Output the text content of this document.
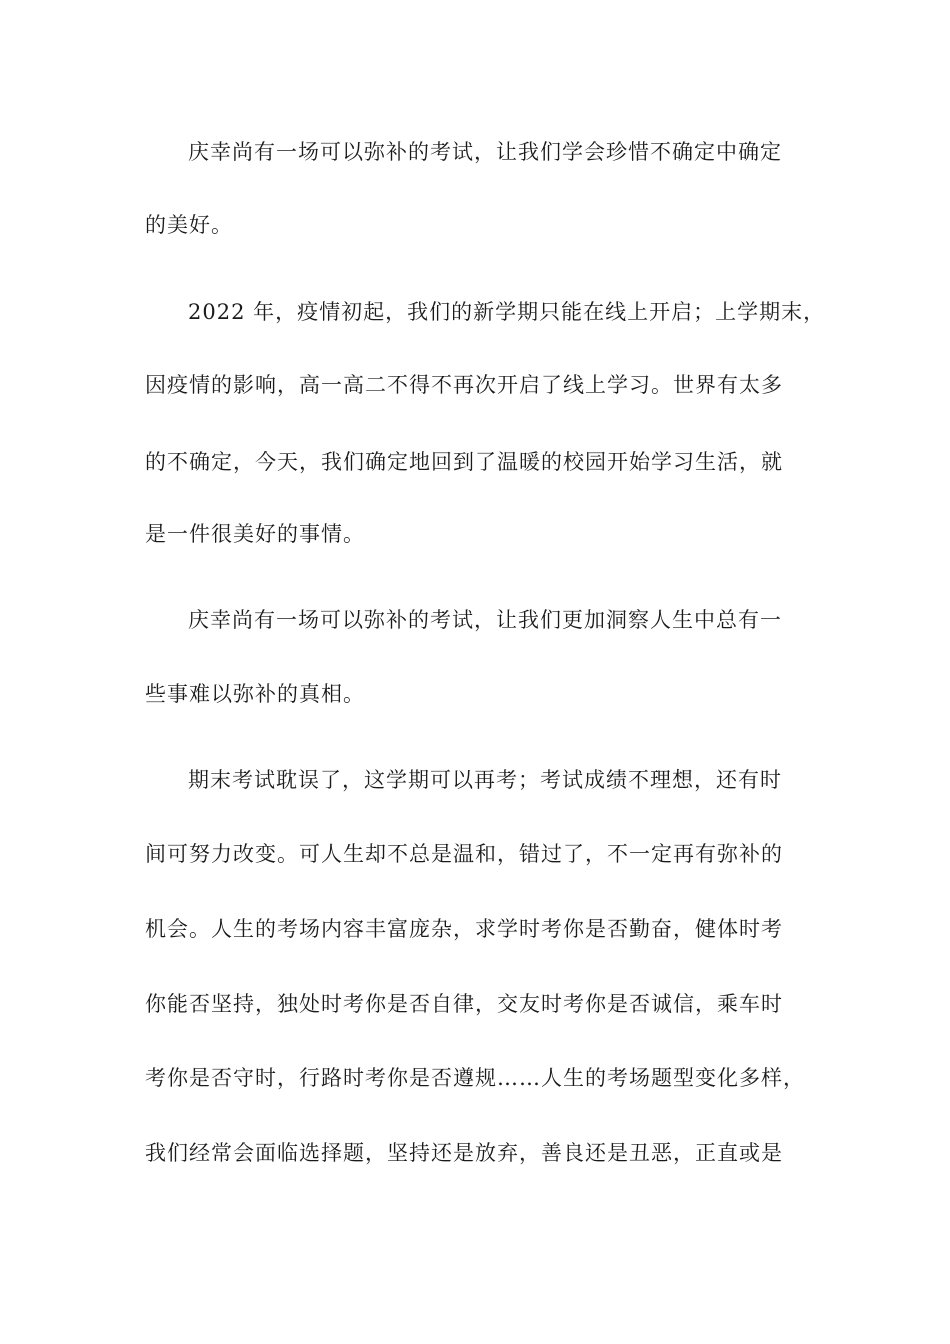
庆幸尚有一场可以弥补的考试，让我们学会珍惜不确定中确定
的美好。
2022 年，疫情初起，我们的新学期只能在线上开启；上学期末，
因疫情的影响，高一高二不得不再次开启了线上学习。世界有太多
的不确定，今天，我们确定地回到了温暖的校园开始学习生活，就
是一件很美好的事情。
庆幸尚有一场可以弥补的考试，让我们更加洞察人生中总有一
些事难以弥补的真相。
期末考试耽误了，这学期可以再考；考试成绩不理想，还有时
间可努力改变。可人生却不总是温和，错过了，不一定再有弥补的
机会。人生的考场内容丰富庞杂，求学时考你是否勤奋，健体时考
你能否坚持，独处时考你是否自律，交友时考你是否诚信，乘车时
考你是否守时，行路时考你是否遵规……人生的考场题型变化多样，
我们经常会面临选择题，坚持还是放弃，善良还是丑恶，正直或是
